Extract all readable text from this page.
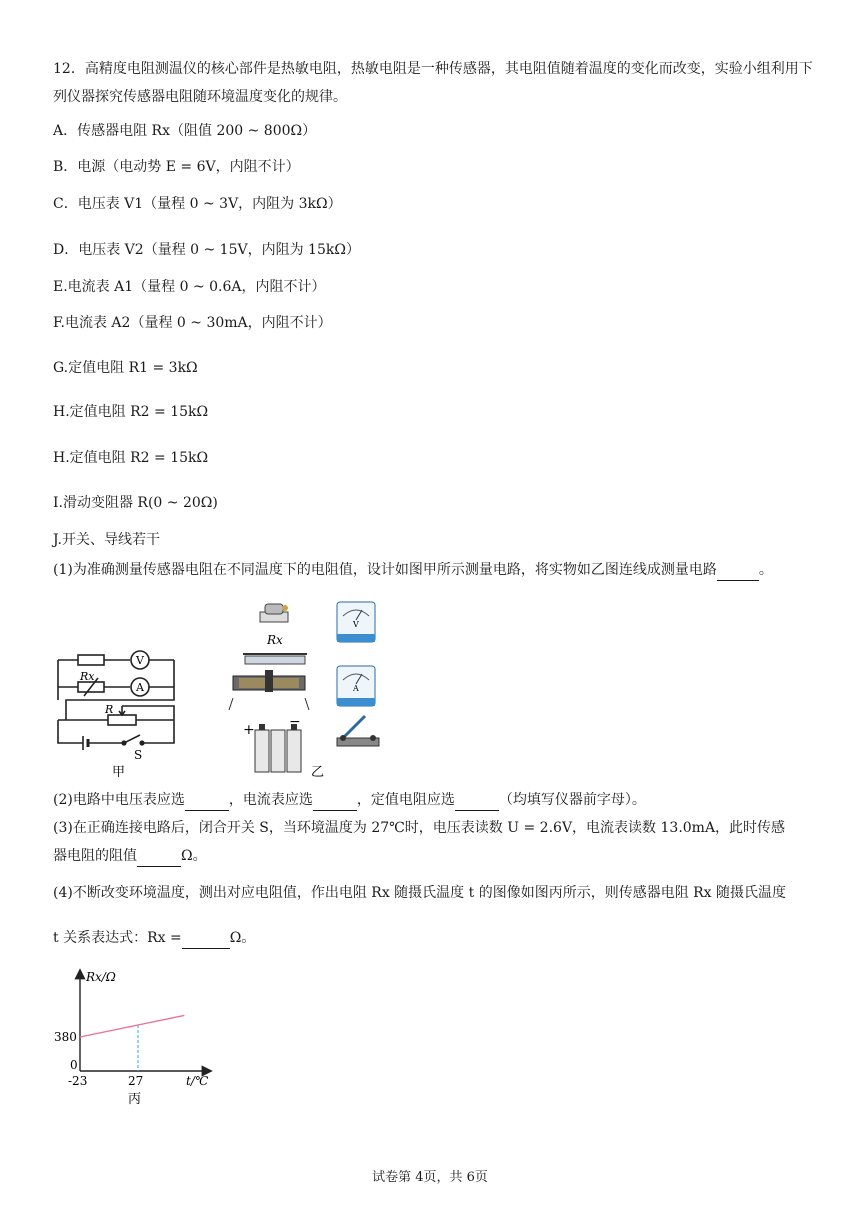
12．高精度电阻测温仪的核心部件是热敏电阻，热敏电阻是一种传感器，其电阻值随着温度的变化而改变，实验小组利用下列仪器探究传感器电阻随环境温度变化的规律。
A．传感器电阻 Rx（阻值 200 ~ 800Ω）
B．电源（电动势 E = 6V，内阻不计）
C．电压表 V1（量程 0 ~ 3V，内阻为 3kΩ）
D．电压表 V2（量程 0 ~ 15V，内阻为 15kΩ）
E.电流表 A1（量程 0 ~ 0.6A，内阻不计）
F.电流表 A2（量程 0 ~ 30mA，内阻不计）
G.定值电阻 R1 = 3kΩ
H.定值电阻 R2 = 15kΩ
H.定值电阻 R2 = 15kΩ
I.滑动变阻器 R(0 ~ 20Ω)
J.开关、导线若干
(1)为准确测量传感器电阻在不同温度下的电阻值，设计如图甲所示测量电路，将实物如乙图连线成测量电路	。
V
A
Rx
R
S
甲
Rx
V
A
+ −
乙
(2)电路中电压表应选	，电流表应选	，定值电阻应选	（均填写仪器前字母）。
(3)在正确连接电路后，闭合开关 S，当环境温度为 27℃时，电压表读数 U = 2.6V，电流表读数 13.0mA，此时传感
器电阻的阻值	Ω。
(4)不断改变环境温度，测出对应电阻值，作出电阻 Rx 随摄氏温度 t 的图像如图丙所示，则传感器电阻 Rx 随摄氏温度
t 关系表达式：Rx =	Ω。
Rx/Ω
t/℃
0
380
-23	27
丙
试卷第 4页，共 6页
